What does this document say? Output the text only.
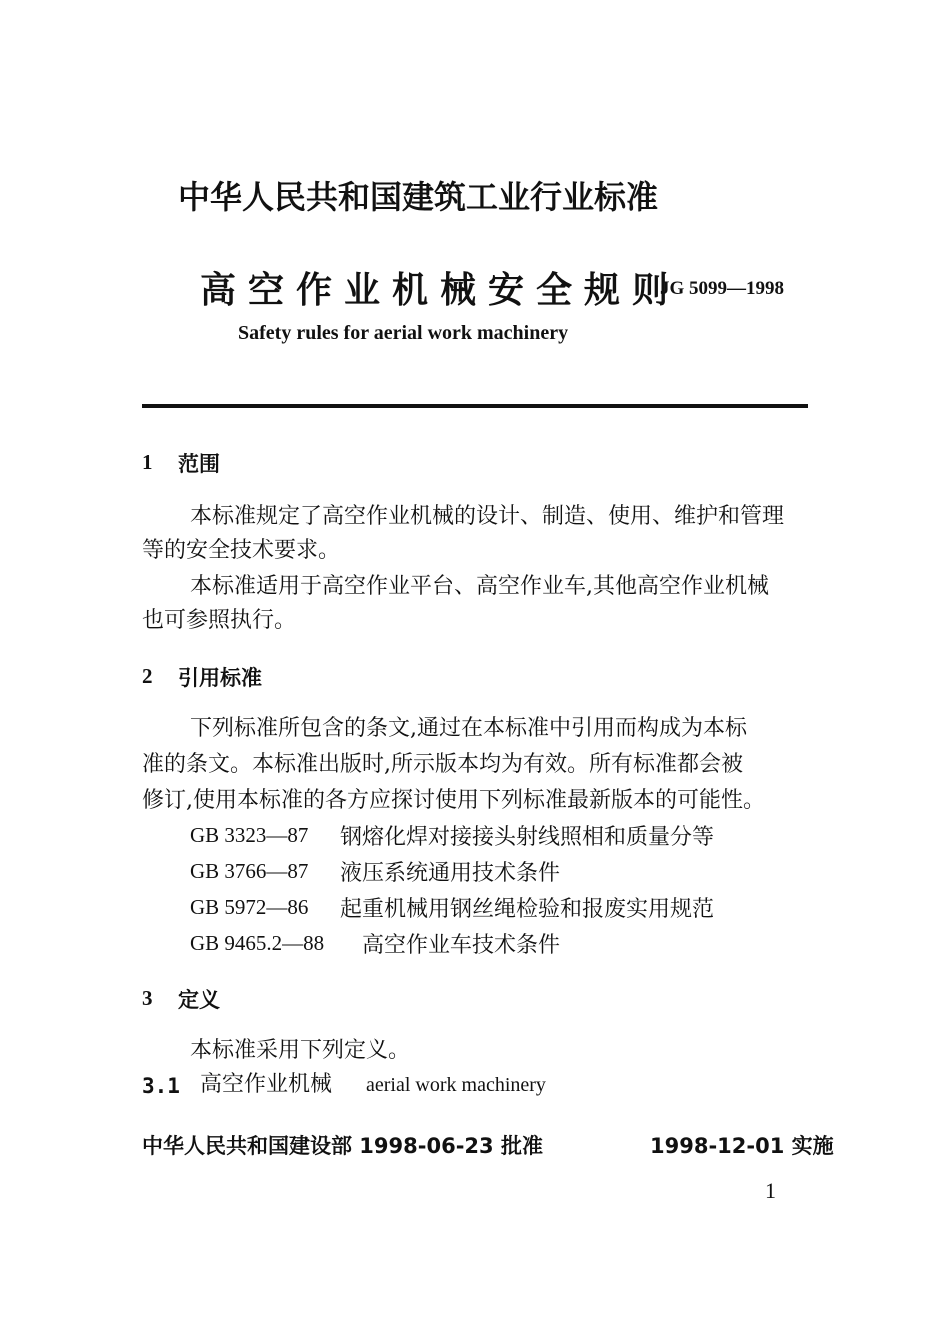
中华人民共和国建筑工业行业标准
高空作业机械安全规则
JG 5099—1998
Safety rules for aerial work machinery
1 范围
本标准规定了高空作业机械的设计、制造、使用、维护和管理
等的安全技术要求。
本标准适用于高空作业平台、高空作业车,其他高空作业机械
也可参照执行。
2 引用标准
下列标准所包含的条文,通过在本标准中引用而构成为本标
准的条文。本标准出版时,所示版本均为有效。所有标准都会被
修订,使用本标准的各方应探讨使用下列标准最新版本的可能性。
GB 3323—87 钢熔化焊对接接头射线照相和质量分等
GB 3766—87 液压系统通用技术条件
GB 5972—86 起重机械用钢丝绳检验和报废实用规范
GB 9465.2—88 高空作业车技术条件
3 定义
本标准采用下列定义。
3.1 高空作业机械 aerial work machinery
中华人民共和国建设部 1998-06-23 批准	1998-12-01 实施
1
